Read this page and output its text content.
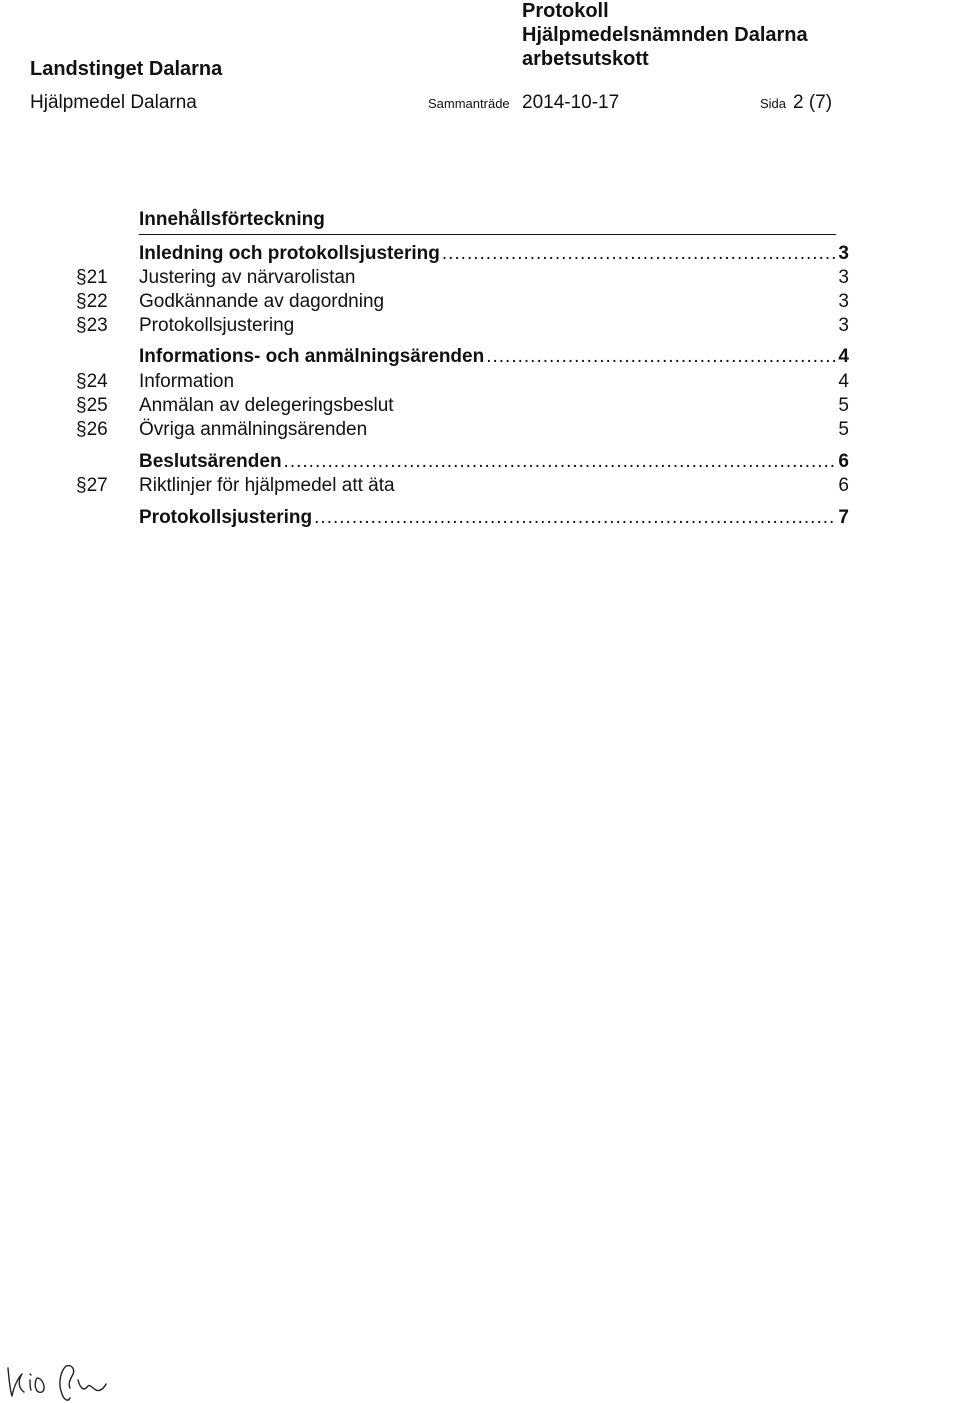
Landstinget Dalarna
Hjälpmedel Dalarna
Protokoll
Hjälpmedelsnämnden Dalarna
arbetsutskott
Sammanträde 2014-10-17	Sida 2 (7)
Innehållsförteckning
Inledning och protokollsjustering .....	3
§21 Justering av närvarolistan	3
§22 Godkännande av dagordning	3
§23 Protokollsjustering	3
Informations- och anmälningsärenden .....	4
§24 Information	4
§25 Anmälan av delegeringsbeslut	5
§26 Övriga anmälningsärenden	5
Beslutsärenden .....	6
§27 Riktlinjer för hjälpmedel att äta	6
Protokollsjustering .....	7
